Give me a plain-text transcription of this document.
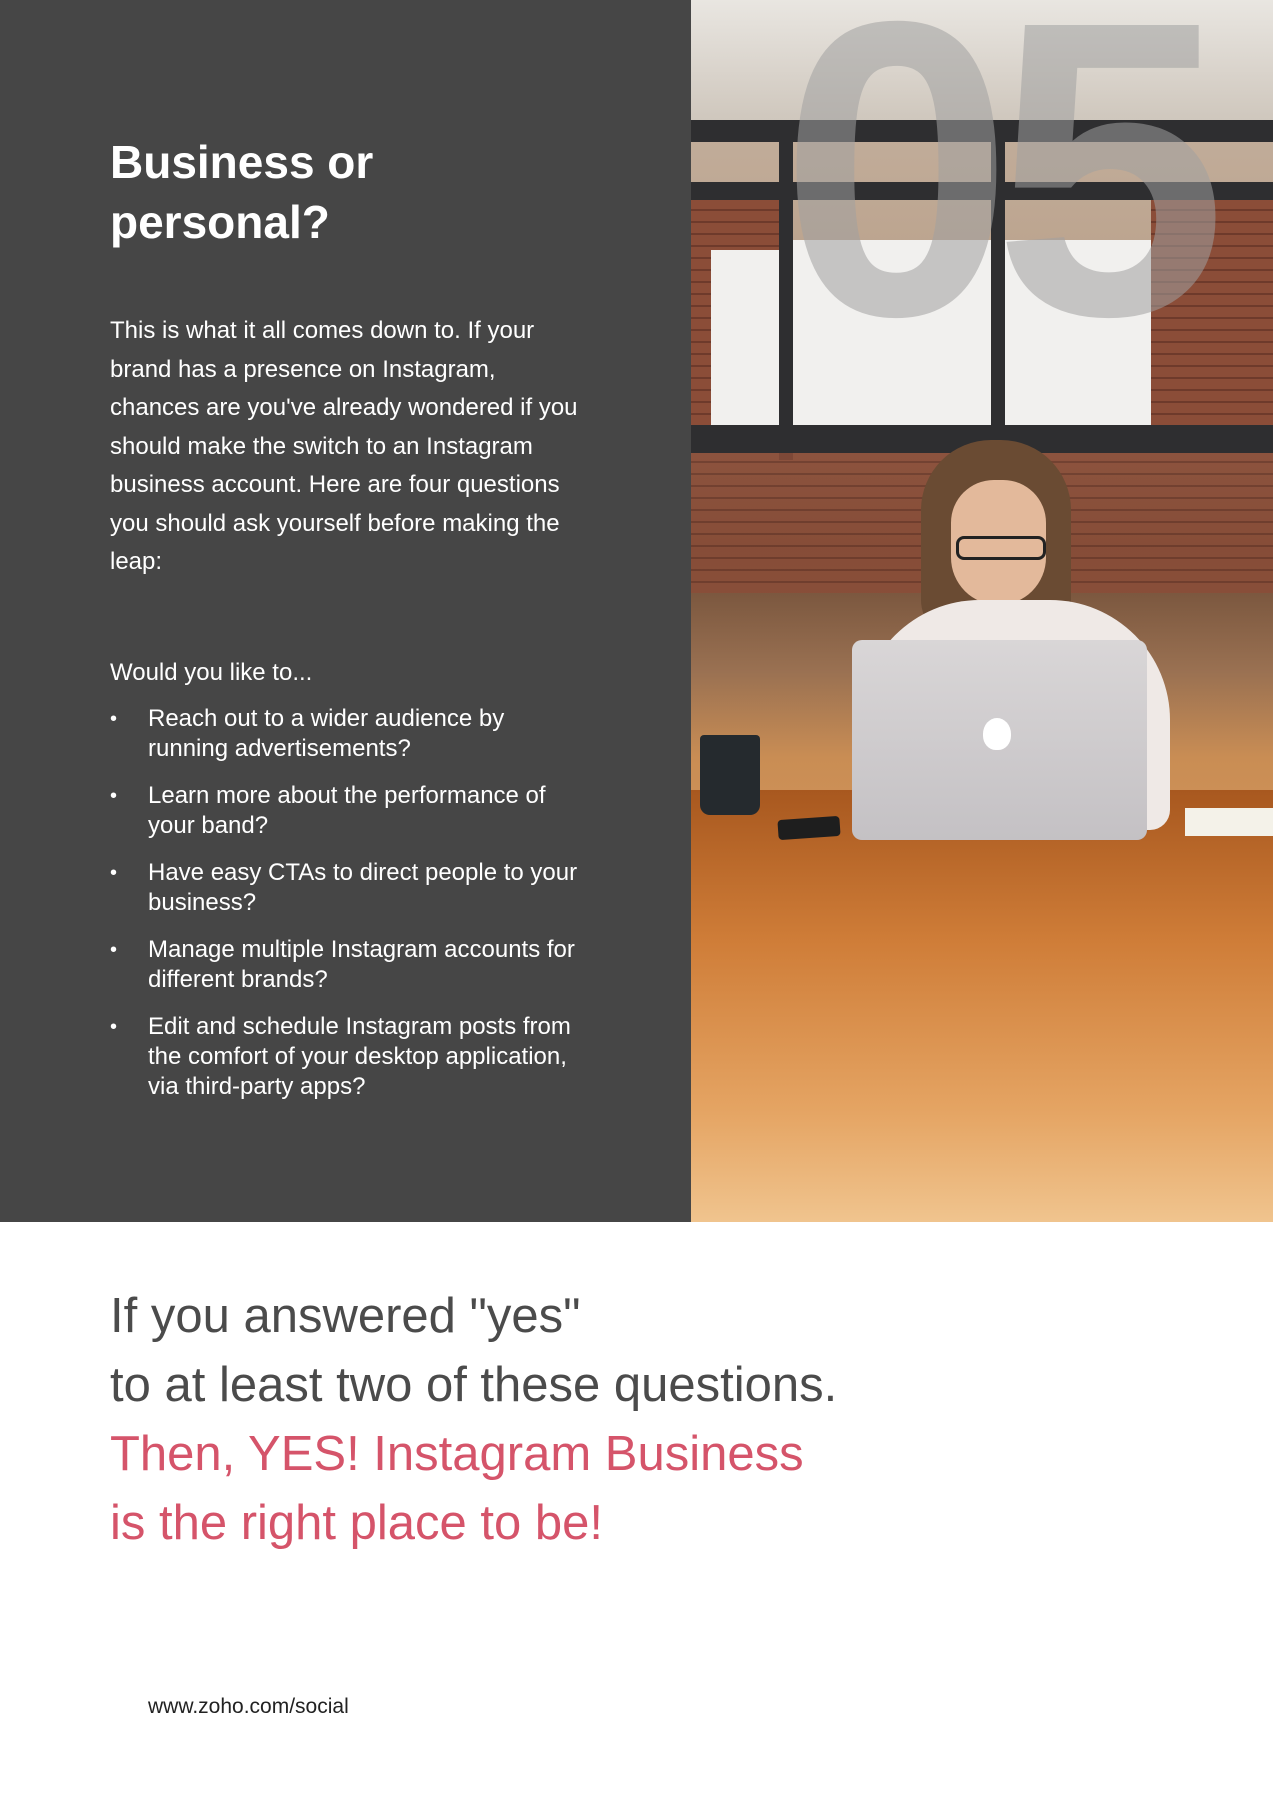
Business or
personal?

This is what it all comes down to. If your brand has a presence on Instagram, chances are you've already wondered if you should make the switch to an Instagram business account. Here are four questions you should ask yourself before making the leap:

Would you like to...

• Reach out to a wider audience by running advertisements?
• Learn more about the performance of your band?
• Have easy CTAs to direct people to your business?
• Manage multiple Instagram accounts for different brands?
• Edit and schedule Instagram posts from the comfort of your desktop application, via third-party apps?
05

If you answered "yes"
to at least two of these questions.
Then, YES! Instagram Business
is the right place to be!

www.zoho.com/social
